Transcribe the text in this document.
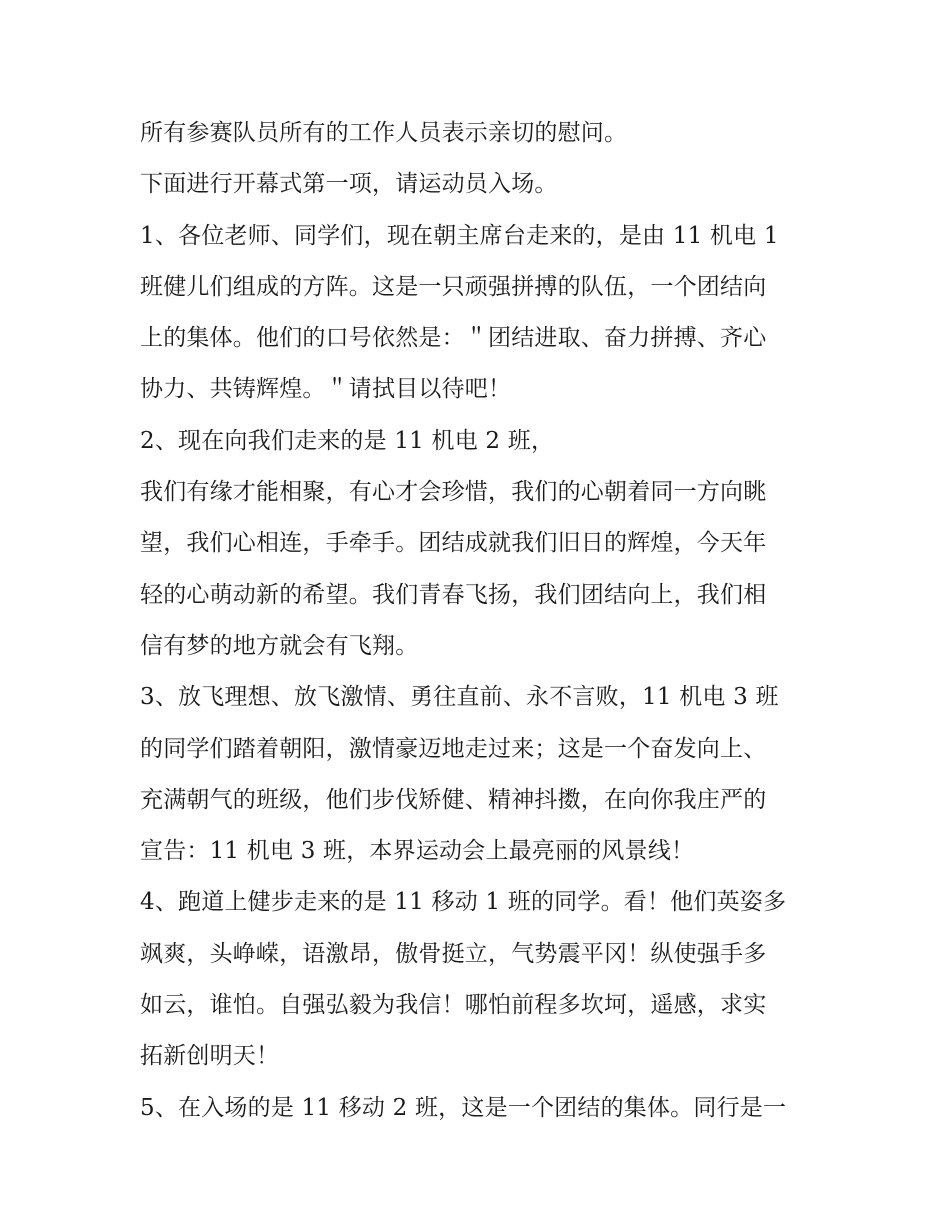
所有参赛队员所有的工作人员表示亲切的慰问。
下面进行开幕式第一项，请运动员入场。
1、各位老师、同学们，现在朝主席台走来的，是由 11 机电 1
班健儿们组成的方阵。这是一只顽强拼搏的队伍，一个团结向
上的集体。他们的口号依然是：＂团结进取、奋力拼搏、齐心
协力、共铸辉煌。＂请拭目以待吧！
2、现在向我们走来的是 11 机电 2 班，
我们有缘才能相聚，有心才会珍惜，我们的心朝着同一方向眺
望，我们心相连，手牵手。团结成就我们旧日的辉煌，今天年
轻的心萌动新的希望。我们青春飞扬，我们团结向上，我们相
信有梦的地方就会有飞翔。
3、放飞理想、放飞激情、勇往直前、永不言败，11 机电 3 班
的同学们踏着朝阳，激情豪迈地走过来；这是一个奋发向上、
充满朝气的班级，他们步伐矫健、精神抖擞，在向你我庄严的
宣告：11 机电 3 班，本界运动会上最亮丽的风景线！
4、跑道上健步走来的是 11 移动 1 班的同学。看！他们英姿多
飒爽，头峥嵘，语激昂，傲骨挺立，气势震平冈！纵使强手多
如云，谁怕。自强弘毅为我信！哪怕前程多坎坷，遥感，求实
拓新创明天！
5、在入场的是 11 移动 2 班，这是一个团结的集体。同行是一
